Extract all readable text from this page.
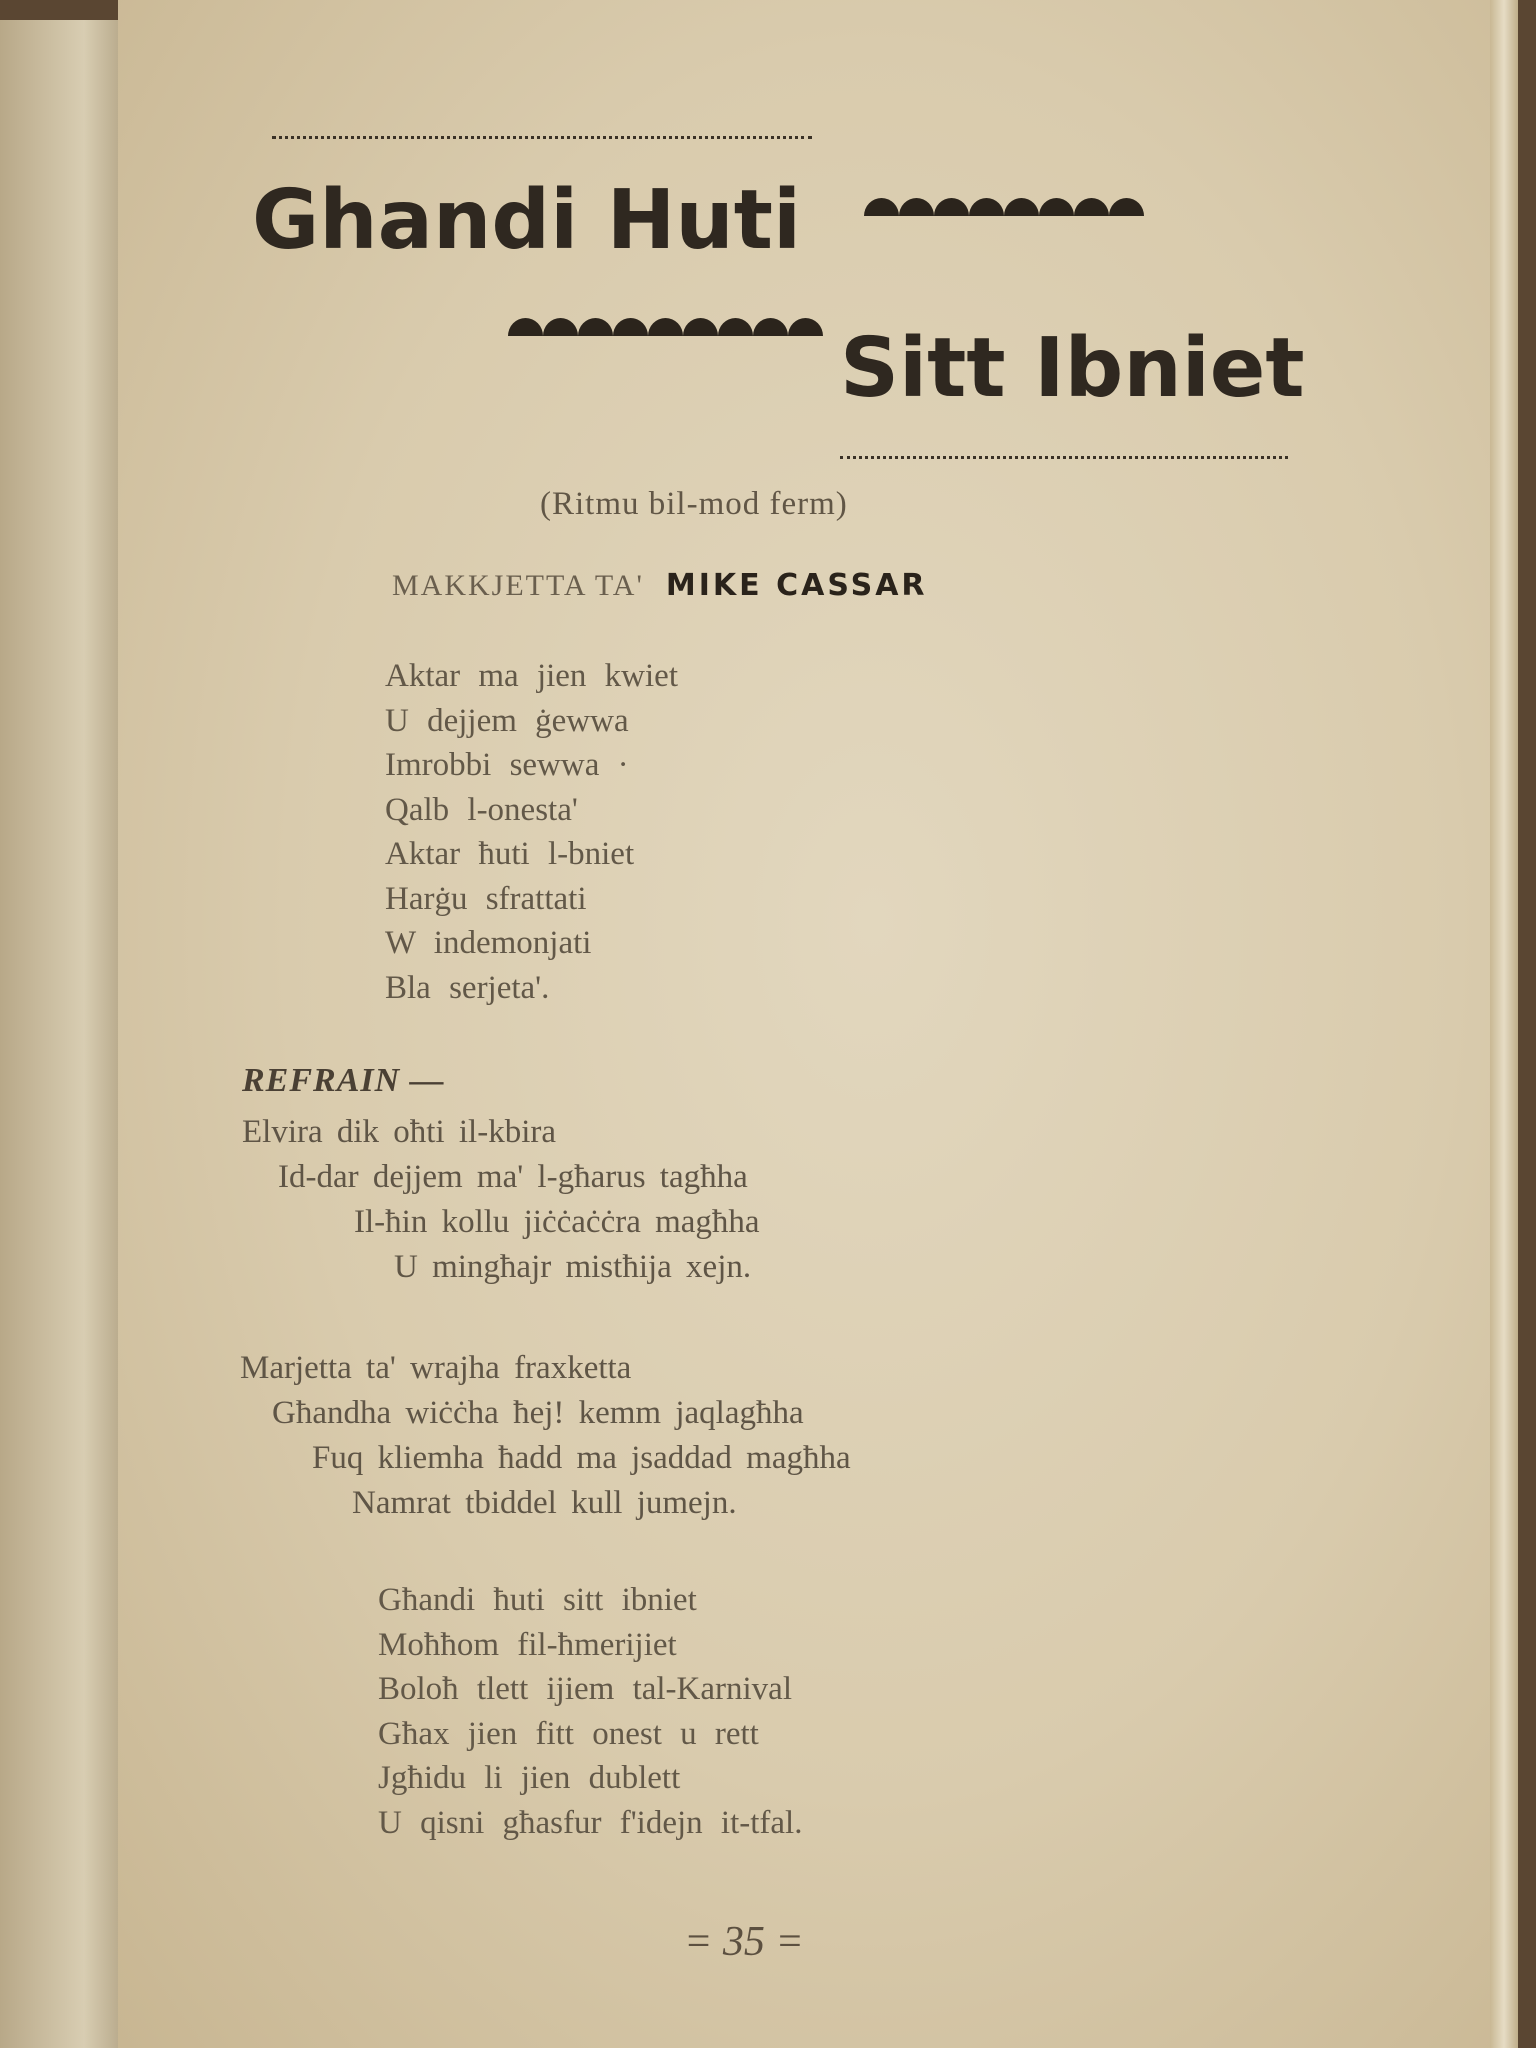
Ghandi Huti
Sitt Ibniet
(Ritmu bil-mod ferm)
MAKKJETTA TA' MIKE CASSAR
Aktar ma jien kwiet
U dejjem ġewwa
Imrobbi sewwa ·
Qalb l-onesta'
Aktar ħuti l-bniet
Harġu sfrattati
W indemonjati
Bla serjeta'.
REFRAIN —
Elvira dik oħti il-kbira
Id-dar dejjem ma' l-għarus tagħha
Il-ħin kollu jiċċaċċra magħha
U mingħajr mistħija xejn.
Marjetta ta' wrajha fraxketta
Għandha wiċċha ħej! kemm jaqlagħha
Fuq kliemha ħadd ma jsaddad magħha
Namrat tbiddel kull jumejn.
Għandi ħuti sitt ibniet
Moħħom fil-ħmerijiet
Boloħ tlett ijiem tal-Karnival
Għax jien fitt onest u rett
Jgħidu li jien dublett
U qisni għasfur f'idejn it-tfal.
= 35 =
